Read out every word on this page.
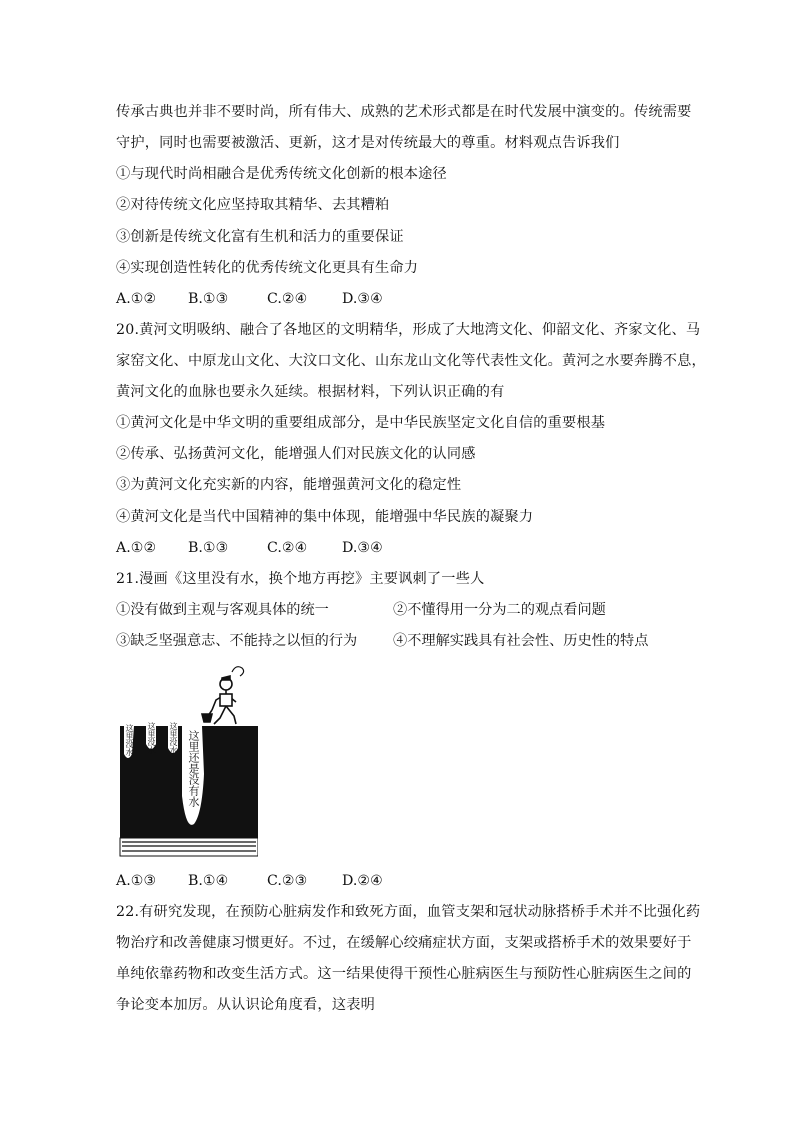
传承古典也并非不要时尚，所有伟大、成熟的艺术形式都是在时代发展中演变的。传统需要
守护，同时也需要被激活、更新，这才是对传统最大的尊重。材料观点告诉我们
①与现代时尚相融合是优秀传统文化创新的根本途径
②对待传统文化应坚持取其精华、去其糟粕
③创新是传统文化富有生机和活力的重要保证
④实现创造性转化的优秀传统文化更具有生命力
A.①② B.①③	C.②④ D.③④
20.黄河文明吸纳、融合了各地区的文明精华，形成了大地湾文化、仰韶文化、齐家文化、马
家窑文化、中原龙山文化、大汶口文化、山东龙山文化等代表性文化。黄河之水要奔腾不息，
黄河文化的血脉也要永久延续。根据材料，下列认识正确的有
①黄河文化是中华文明的重要组成部分，是中华民族坚定文化自信的重要根基
②传承、弘扬黄河文化，能增强人们对民族文化的认同感
③为黄河文化充实新的内容，能增强黄河文化的稳定性
④黄河文化是当代中国精神的集中体现，能增强中华民族的凝聚力
A.①② B.①③	C.②④ D.③④
21.漫画《这里没有水，换个地方再挖》主要讽刺了一些人
①没有做到主观与客观具体的统一	②不懂得用一分为二的观点看问题
③缺乏坚强意志、不能持之以恒的行为	④不理解实践具有社会性、历史性的特点
这里没水 这里没水 这里没水 这里还是没有水
A.①③ B.①④	C.②③ D.②④
22.有研究发现，在预防心脏病发作和致死方面，血管支架和冠状动脉搭桥手术并不比强化药
物治疗和改善健康习惯更好。不过，在缓解心绞痛症状方面，支架或搭桥手术的效果要好于
单纯依靠药物和改变生活方式。这一结果使得干预性心脏病医生与预防性心脏病医生之间的
争论变本加厉。从认识论角度看，这表明
